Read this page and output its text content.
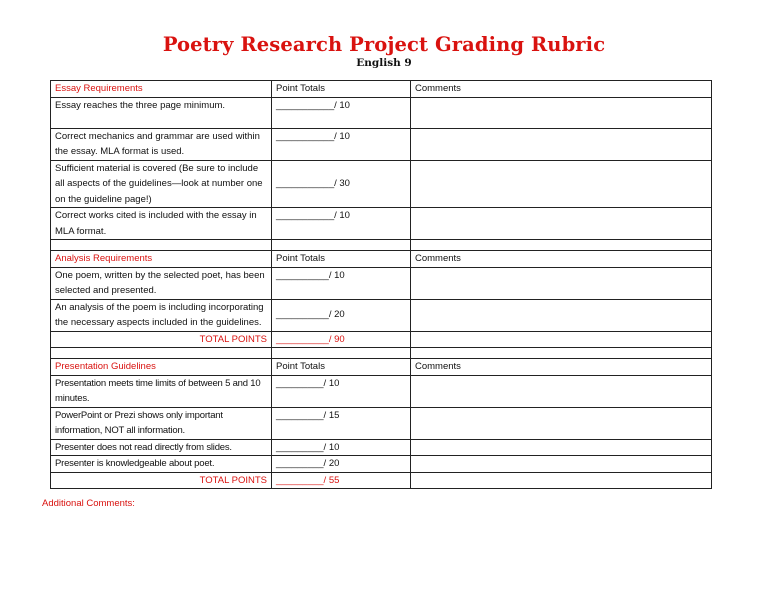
Poetry Research Project Grading Rubric
English 9
Essay Requirements	Point Totals	Comments
Essay reaches the three page minimum.	___________/ 10	
Correct mechanics and grammar are used within the essay. MLA format is used.	___________/ 10	
Sufficient material is covered (Be sure to include all aspects of the guidelines—look at number one on the guideline page!)	___________/ 30	
Correct works cited is included with the essay in MLA format.	___________/ 10	

Analysis Requirements	Point Totals	Comments
One poem, written by the selected poet, has been selected and presented.	__________/ 10	
An analysis of the poem is including incorporating the necessary aspects included in the guidelines.	__________/ 20	
TOTAL POINTS	__________/ 90	

Presentation Guidelines	Point Totals	Comments
Presentation meets time limits of between 5 and 10 minutes.	_________/ 10	
PowerPoint or Prezi shows only important information, NOT all information.	_________/ 15	
Presenter does not read directly from slides.	_________/ 10	
Presenter is knowledgeable about poet.	_________/ 20	
TOTAL POINTS	_________/ 55	
Additional Comments:
